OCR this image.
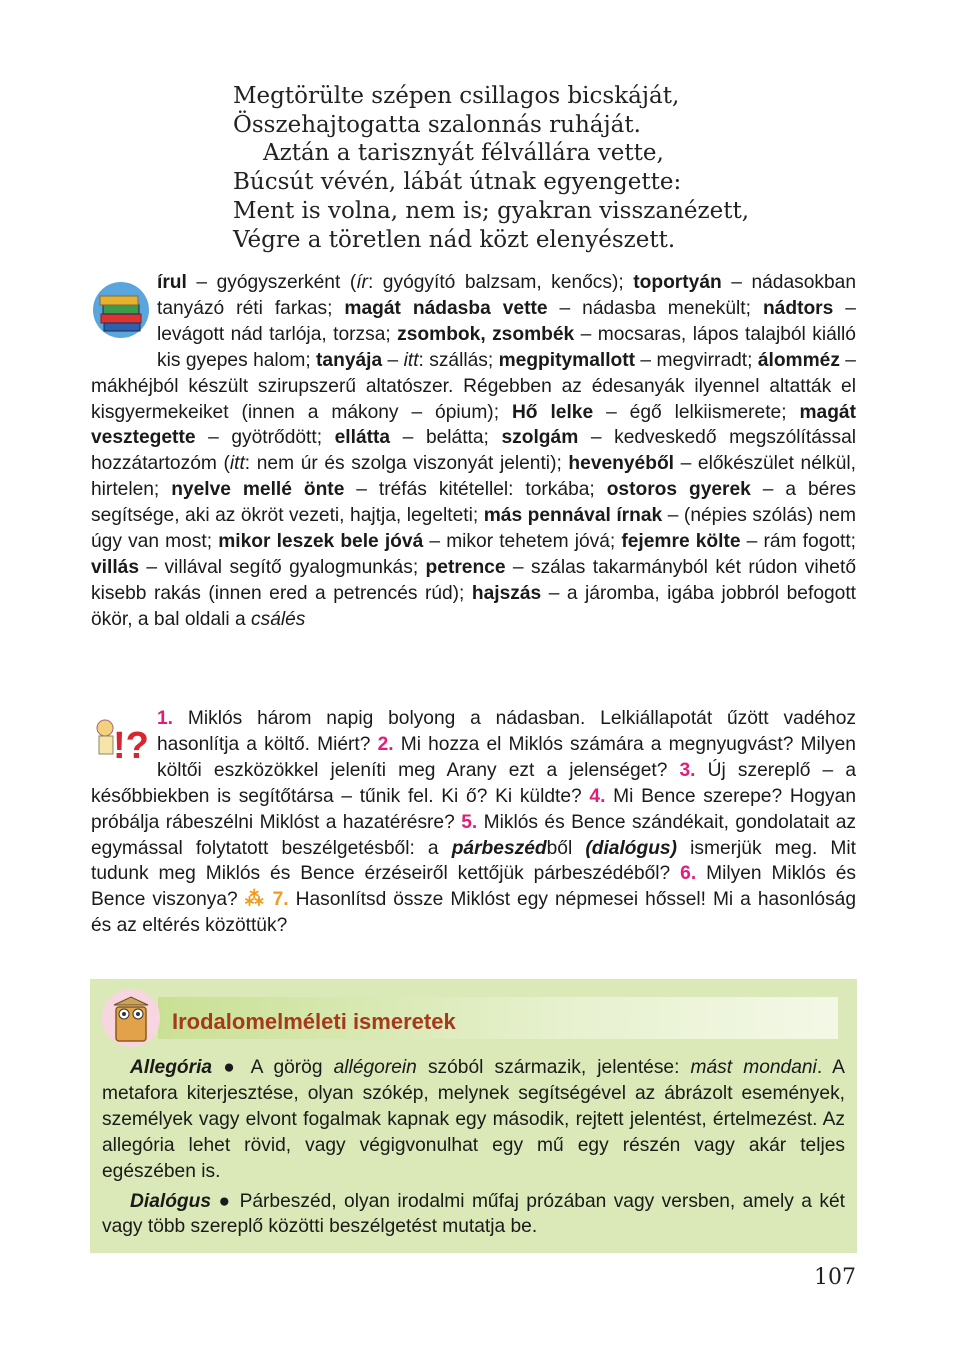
Megtörülte szépen csillagos bicskáját,
Összehajtogatta szalonnás ruháját.
Aztán a tarisznyát félvállára vette,
Búcsút vévén, lábát útnak egyengette:
Ment is volna, nem is; gyakran visszanézett,
Végre a töretlen nád közt elenyészett.
írul – gyógyszerként (ír: gyógyító balzsam, kenőcs); toportyán – nádasokban tanyázó réti farkas; magát nádasba vette – nádasba menekült; nádtors – levágott nád tarlója, torzsa; zsombok, zsombék – mocsaras, lápos talajból kiálló kis gyepes halom; tanyája – itt: szállás; megpitymallott – megvirradt; álomméz – mákhéjból készült szirupszerű altatószer. Régebben az édesanyák ilyennel altatták el kisgyermekeiket (innen a mákony – ópium); Hő lelke – égő lelkiismerete; magát vesztegette – gyötrődött; ellátta – belátta; szolgám – kedveskedő megszólítással hozzátartozóm (itt: nem úr és szolga viszonyát jelenti); hevenyéből – előkészület nélkül, hirtelen; nyelve mellé önte – tréfás kitétellel: torkába; ostoros gyerek – a béres segítsége, aki az ökröt vezeti, hajtja, legelteti; más pennával írnak – (népies szólás) nem úgy van most; mikor leszek bele jóvá – mikor tehetem jóvá; fejemre költe – rám fogott; villás – villával segítő gyalogmunkás; petrence – szálas takarmányból két rúdon vihető kisebb rakás (innen ered a petrencés rúd); hajszás – a járomba, igába jobbról befogott ökör, a bal oldali a csálés
!?
1. Miklós három napig bolyong a nádasban. Lelkiállapotát űzött vadéhoz hasonlítja a költő. Miért? 2. Mi hozza el Miklós számára a megnyugvást? Milyen költői eszközökkel jeleníti meg Arany ezt a jelenséget? 3. Új szereplő – a későbbiekben is segítőtársa – tűnik fel. Ki ő? Ki küldte? 4. Mi Bence szerepe? Hogyan próbálja rábeszélni Miklóst a hazatérésre? 5. Miklós és Bence szándékait, gondolatait az egymással folytatott beszélgetésből: a párbeszédből (dialógus) ismerjük meg. Mit tudunk meg Miklós és Bence érzéseiről kettőjük párbeszédéből? 6. Milyen Miklós és Bence viszonya? ⁂ 7. Hasonlítsd össze Miklóst egy népmesei hőssel! Mi a hasonlóság és az eltérés közöttük?
Irodalomelméleti ismeretek

Allegória ● A görög allégorein szóból származik, jelentése: mást mondani. A metafora kiterjesztése, olyan szókép, melynek segítségével az ábrázolt események, személyek vagy elvont fogalmak kapnak egy második, rejtett jelentést, értelmezést. Az allegória lehet rövid, vagy végigvonulhat egy mű egy részén vagy akár teljes egészében is.

Dialógus ● Párbeszéd, olyan irodalmi műfaj prózában vagy versben, amely a két vagy több szereplő közötti beszélgetést mutatja be.

107
